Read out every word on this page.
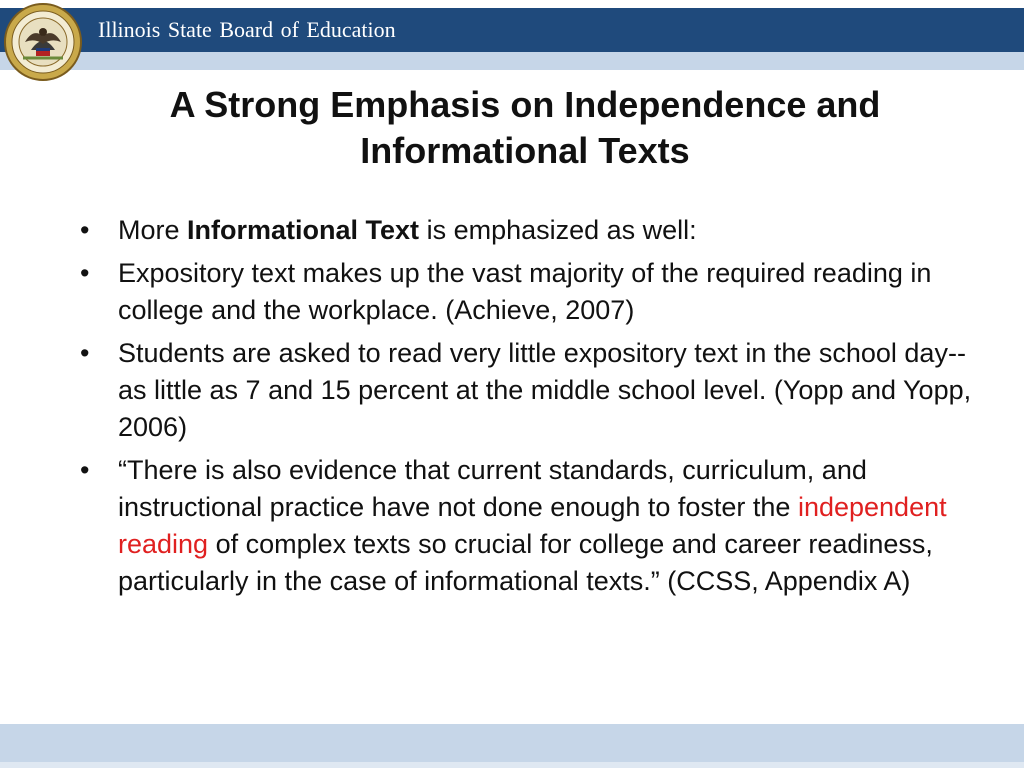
Illinois State Board of Education
A Strong Emphasis on Independence and Informational Texts
• More Informational Text is emphasized as well:
• Expository text makes up the vast majority of the required reading in college and the workplace. (Achieve, 2007)
• Students are asked to read very little expository text in the school day--as little as 7 and 15 percent at the middle school level. (Yopp and Yopp, 2006)
• “There is also evidence that current standards, curriculum, and instructional practice have not done enough to foster the independent reading of complex texts so crucial for college and career readiness, particularly in the case of informational texts.” (CCSS, Appendix A)
